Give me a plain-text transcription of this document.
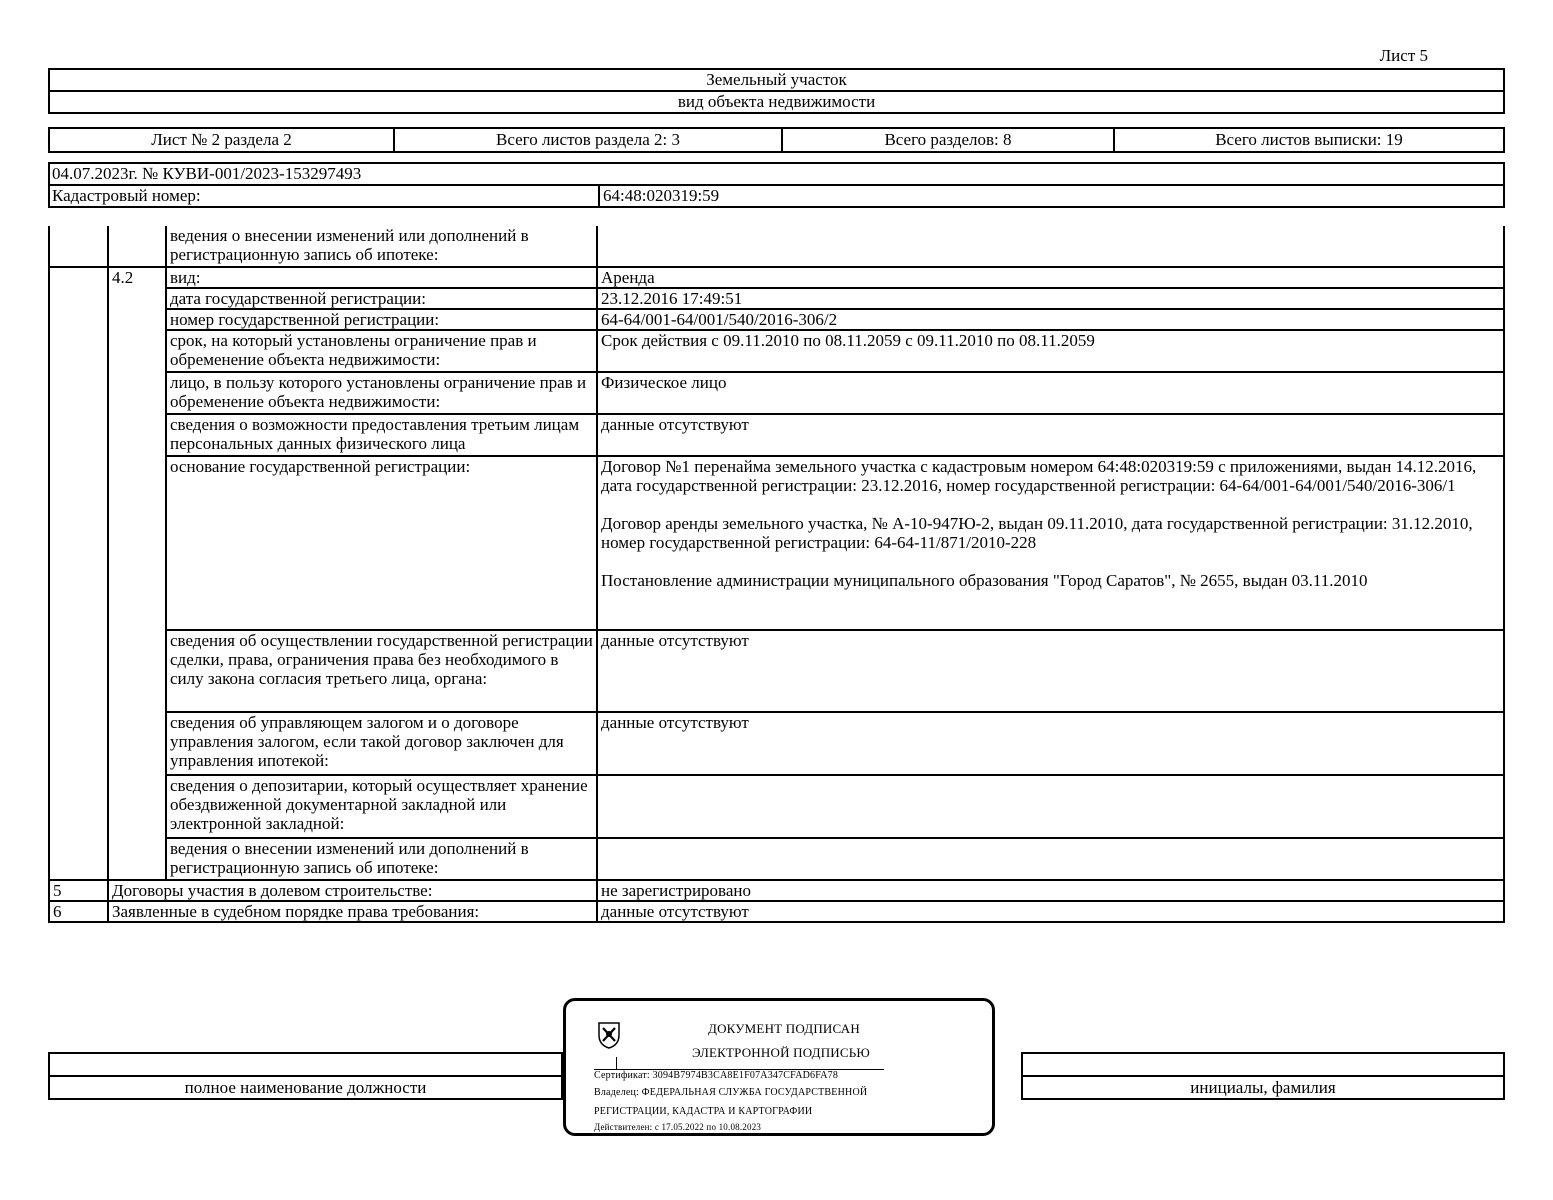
Лист 5
Земельный участок
вид объекта недвижимости
Лист № 2 раздела 2	Всего листов раздела 2: 3	Всего разделов: 8	Всего листов выписки: 19
04.07.2023г. № КУВИ-001/2023-153297493
Кадастровый номер:	64:48:020319:59
		ведения о внесении изменений или дополнений в регистрационную запись об ипотеке:	
	4.2	вид:	Аренда
		дата государственной регистрации:	23.12.2016 17:49:51
		номер государственной регистрации:	64-64/001-64/001/540/2016-306/2
		срок, на который установлены ограничение прав и обременение объекта недвижимости:	Срок действия с 09.11.2010 по 08.11.2059 с 09.11.2010 по 08.11.2059
		лицо, в пользу которого установлены ограничение прав и обременение объекта недвижимости:	Физическое лицо
		сведения о возможности предоставления третьим лицам персональных данных физического лица	данные отсутствуют
		основание государственной регистрации:	Договор №1 перенайма земельного участка с кадастровым номером 64:48:020319:59 с приложениями, выдан 14.12.2016, дата государственной регистрации: 23.12.2016, номер государственной регистрации: 64-64/001-64/001/540/2016-306/1
Договор аренды земельного участка, № А-10-947Ю-2, выдан 09.11.2010, дата государственной регистрации: 31.12.2010, номер государственной регистрации: 64-64-11/871/2010-228
Постановление администрации муниципального образования "Город Саратов", № 2655, выдан 03.11.2010

		сведения об осуществлении государственной регистрации сделки, права, ограничения права без необходимого в силу закона согласия третьего лица, органа:	данные отсутствуют
		сведения об управляющем залогом и о договоре управления залогом, если такой договор заключен для управления ипотекой:	данные отсутствуют
		сведения о депозитарии, который осуществляет хранение обездвиженной документарной закладной или электронной закладной:	
		ведения о внесении изменений или дополнений в регистрационную запись об ипотеке:	

5	Договоры участия в долевом строительстве:		не зарегистрировано
6	Заявленные в судебном порядке права требования:		данные отсутствуют

полное наименование должности		инициалы, фамилия
ДОКУМЕНТ ПОДПИСАН
ЭЛЕКТРОННОЙ ПОДПИСЬЮ
Сертификат: 3094B7974B3CA8E1F07A347CFAD6FA78
Владелец: ФЕДЕРАЛЬНАЯ СЛУЖБА ГОСУДАРСТВЕННОЙ
РЕГИСТРАЦИИ, КАДАСТРА И КАРТОГРАФИИ
Действителен: с 17.05.2022 по 10.08.2023
